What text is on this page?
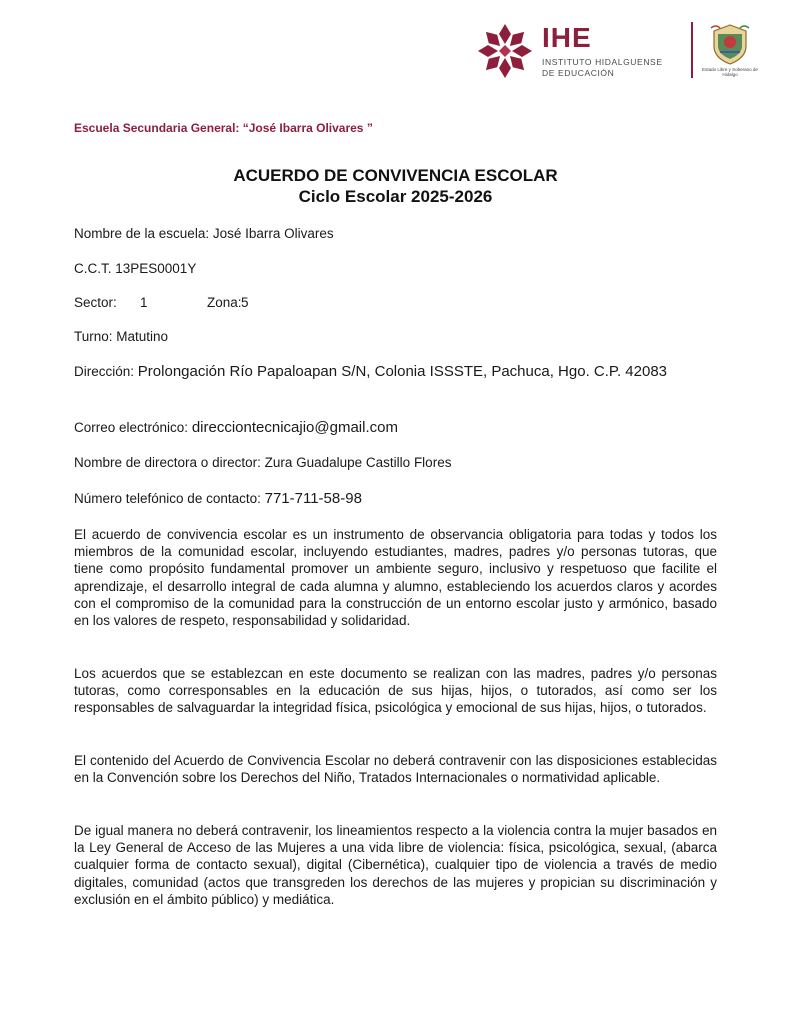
IHE
INSTITUTO HIDALGUENSE
DE EDUCACIÓN	Estado Libre y Soberano de Hidalgo
Escuela Secundaria General: “José Ibarra Olivares ”
ACUERDO DE CONVIVENCIA ESCOLAR
Ciclo Escolar 2025-2026
Nombre de la escuela: José Ibarra Olivares
C.C.T. 13PES0001Y
Sector: 1	Zona: 5
Turno: Matutino
Dirección: Prolongación Río Papaloapan S/N, Colonia ISSSTE, Pachuca, Hgo. C.P. 42083
Correo electrónico: direcciontecnicajio@gmail.com
Nombre de directora o director: Zura Guadalupe Castillo Flores
Número telefónico de contacto: 771-711-58-98
El acuerdo de convivencia escolar es un instrumento de observancia obligatoria para todas y todos los miembros de la comunidad escolar, incluyendo estudiantes, madres, padres y/o personas tutoras, que tiene como propósito fundamental promover un ambiente seguro, inclusivo y respetuoso que facilite el aprendizaje, el desarrollo integral de cada alumna y alumno, estableciendo los acuerdos claros y acordes con el compromiso de la comunidad para la construcción de un entorno escolar justo y armónico, basado en los valores de respeto, responsabilidad y solidaridad.
Los acuerdos que se establezcan en este documento se realizan con las madres, padres y/o personas tutoras, como corresponsables en la educación de sus hijas, hijos, o tutorados, así como ser los responsables de salvaguardar la integridad física, psicológica y emocional de sus hijas, hijos, o tutorados.
El contenido del Acuerdo de Convivencia Escolar no deberá contravenir con las disposiciones establecidas en la Convención sobre los Derechos del Niño, Tratados Internacionales o normatividad aplicable.
De igual manera no deberá contravenir, los lineamientos respecto a la violencia contra la mujer basados en la Ley General de Acceso de las Mujeres a una vida libre de violencia: física, psicológica, sexual, (abarca cualquier forma de contacto sexual), digital (Cibernética), cualquier tipo de violencia a través de medio digitales, comunidad (actos que transgreden los derechos de las mujeres y propician su discriminación y exclusión en el ámbito público) y mediática.
